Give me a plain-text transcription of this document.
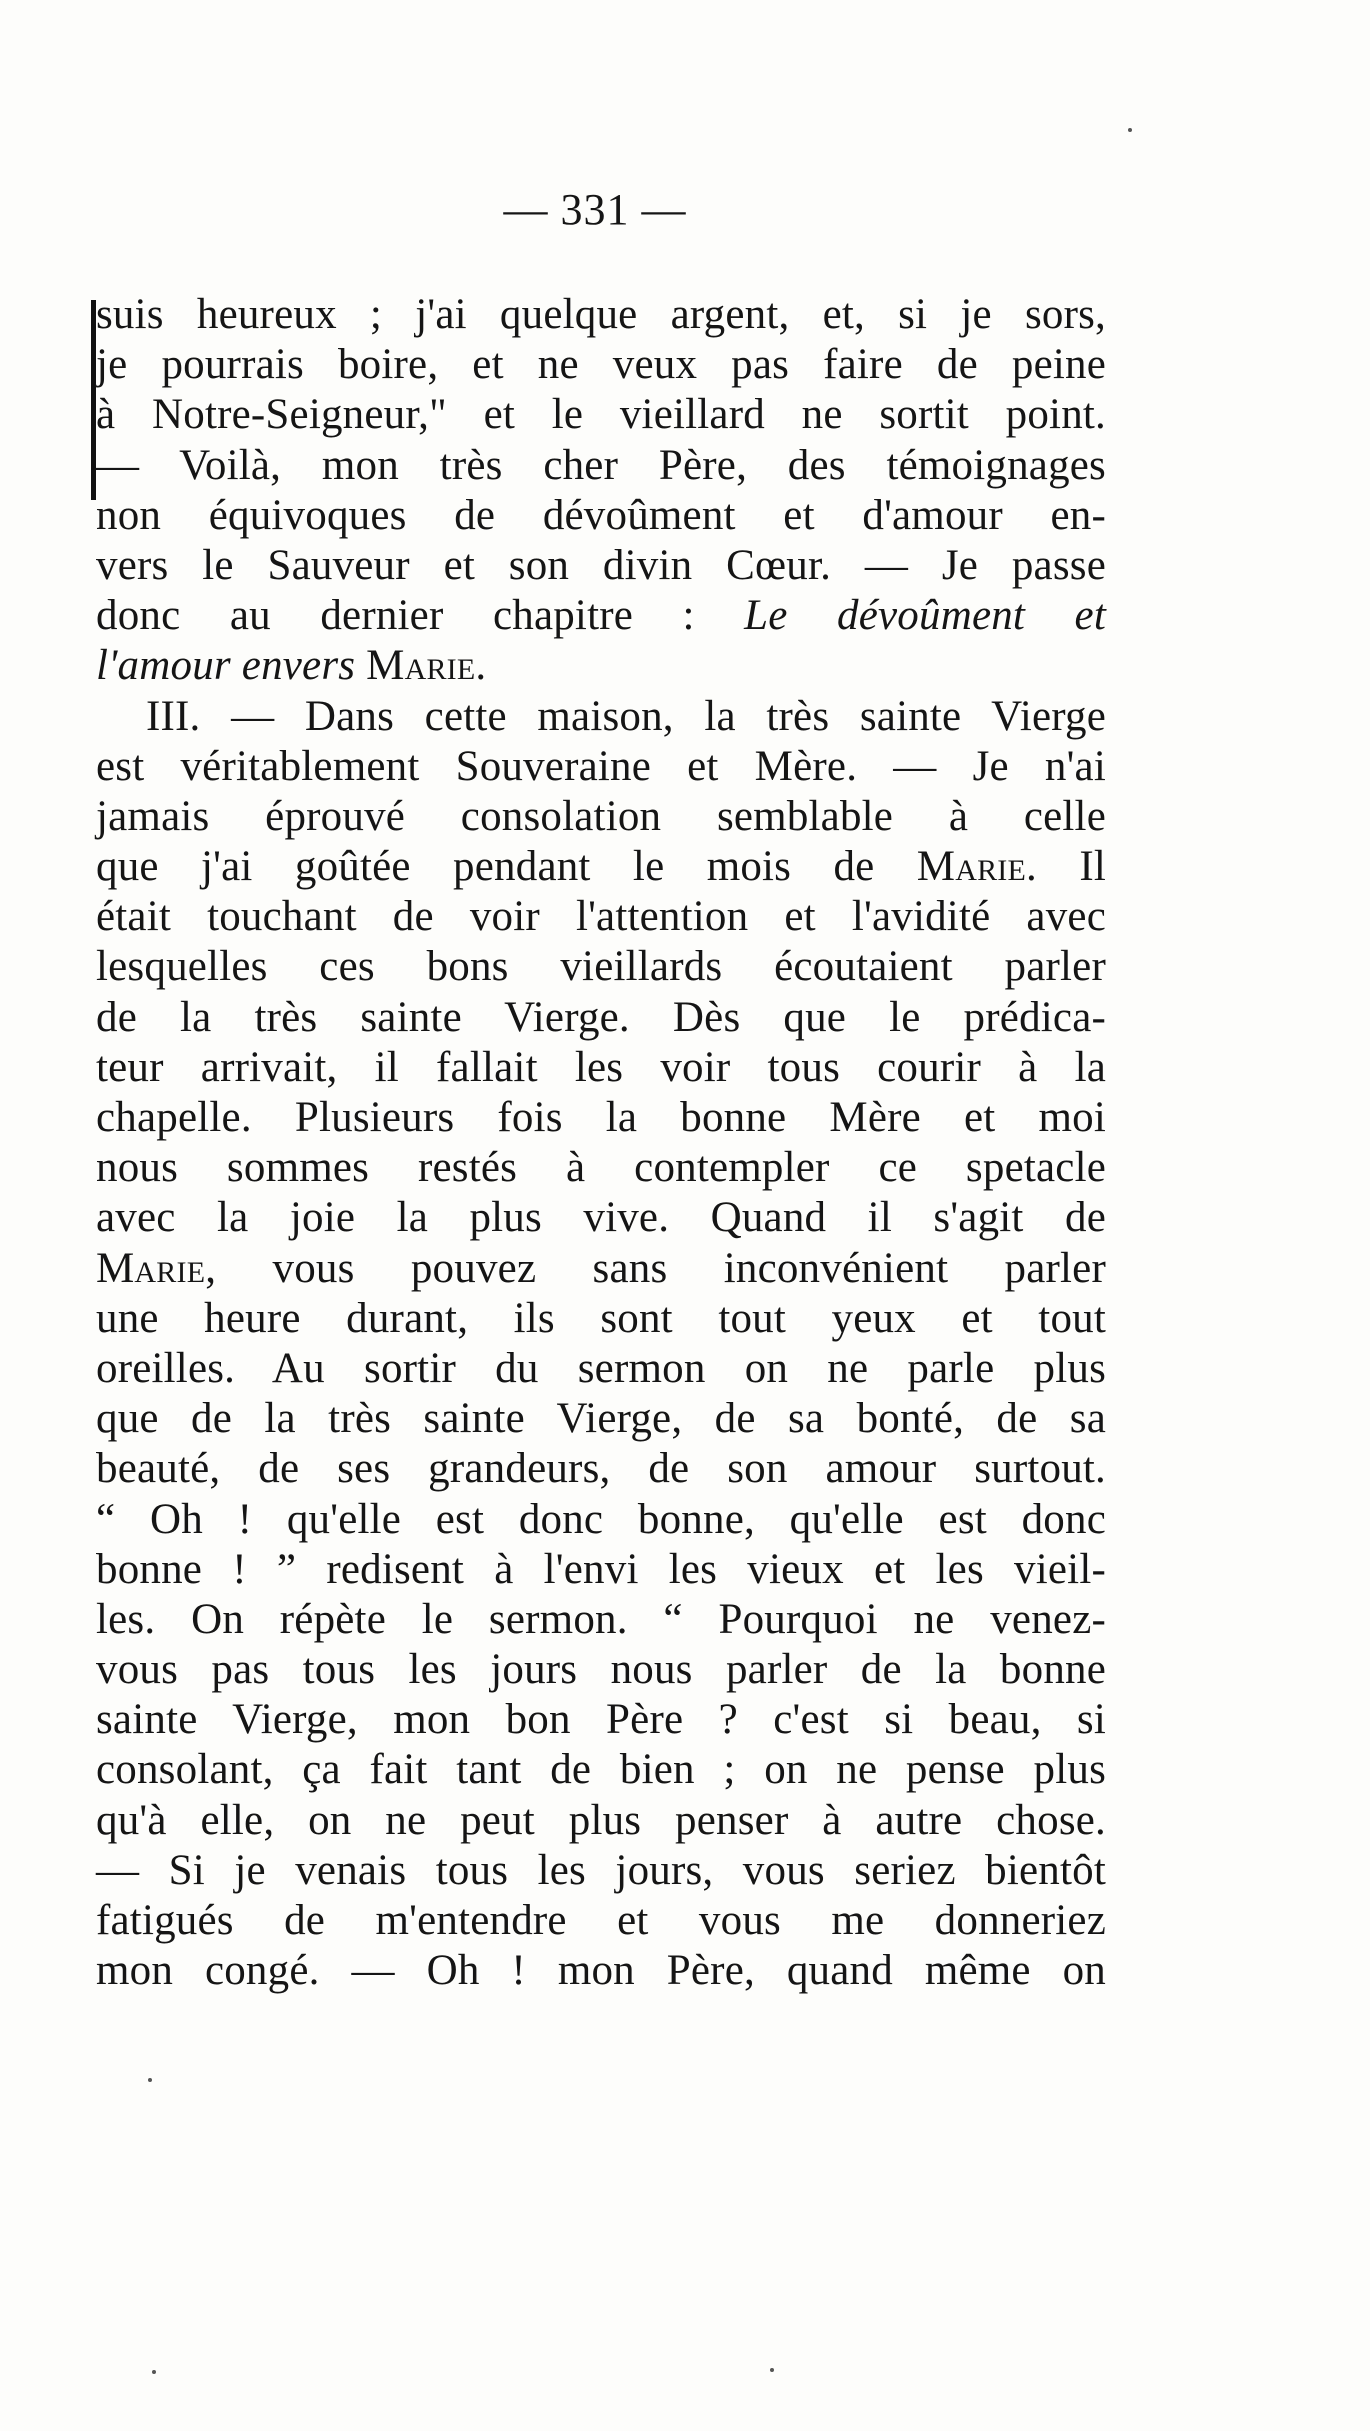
— 331 —
suis heureux ; j'ai quelque argent, et, si je sors,
je pourrais boire, et ne veux pas faire de peine
à Notre-Seigneur," et le vieillard ne sortit point.
— Voilà, mon très cher Père, des témoignages
non équivoques de dévoûment et d'amour en-
vers le Sauveur et son divin Cœur. — Je passe
donc au dernier chapitre : Le dévoûment et
l'amour envers Marie.
III. — Dans cette maison, la très sainte Vierge
est véritablement Souveraine et Mère. — Je n'ai
jamais éprouvé consolation semblable à celle
que j'ai goûtée pendant le mois de Marie. Il
était touchant de voir l'attention et l'avidité avec
lesquelles ces bons vieillards écoutaient parler
de la très sainte Vierge. Dès que le prédica-
teur arrivait, il fallait les voir tous courir à la
chapelle. Plusieurs fois la bonne Mère et moi
nous sommes restés à contempler ce spetacle
avec la joie la plus vive. Quand il s'agit de
Marie, vous pouvez sans inconvénient parler
une heure durant, ils sont tout yeux et tout
oreilles. Au sortir du sermon on ne parle plus
que de la très sainte Vierge, de sa bonté, de sa
beauté, de ses grandeurs, de son amour surtout.
“ Oh ! qu'elle est donc bonne, qu'elle est donc
bonne ! ” redisent à l'envi les vieux et les vieil-
les. On répète le sermon. “ Pourquoi ne venez-
vous pas tous les jours nous parler de la bonne
sainte Vierge, mon bon Père ? c'est si beau, si
consolant, ça fait tant de bien ; on ne pense plus
qu'à elle, on ne peut plus penser à autre chose.
— Si je venais tous les jours, vous seriez bientôt
fatigués de m'entendre et vous me donneriez
mon congé. — Oh ! mon Père, quand même on
